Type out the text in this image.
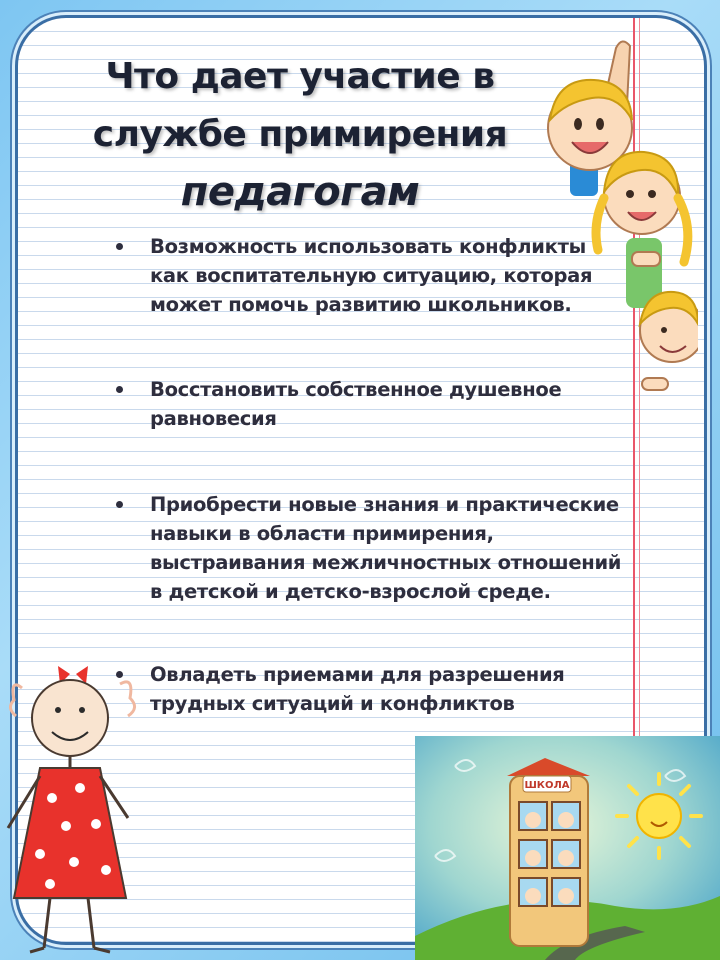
Что дает участие в
службе примирения
педагогам
Возможность использовать конфликты как воспитательную ситуацию, которая может помочь развитию школьников.
Восстановить собственное душевное равновесия
Приобрести новые знания и практические навыки в области примирения, выстраивания межличностных отношений в детской и детско-взрослой среде.
Овладеть приемами для разрешения трудных ситуаций и конфликтов
ШКОЛА
